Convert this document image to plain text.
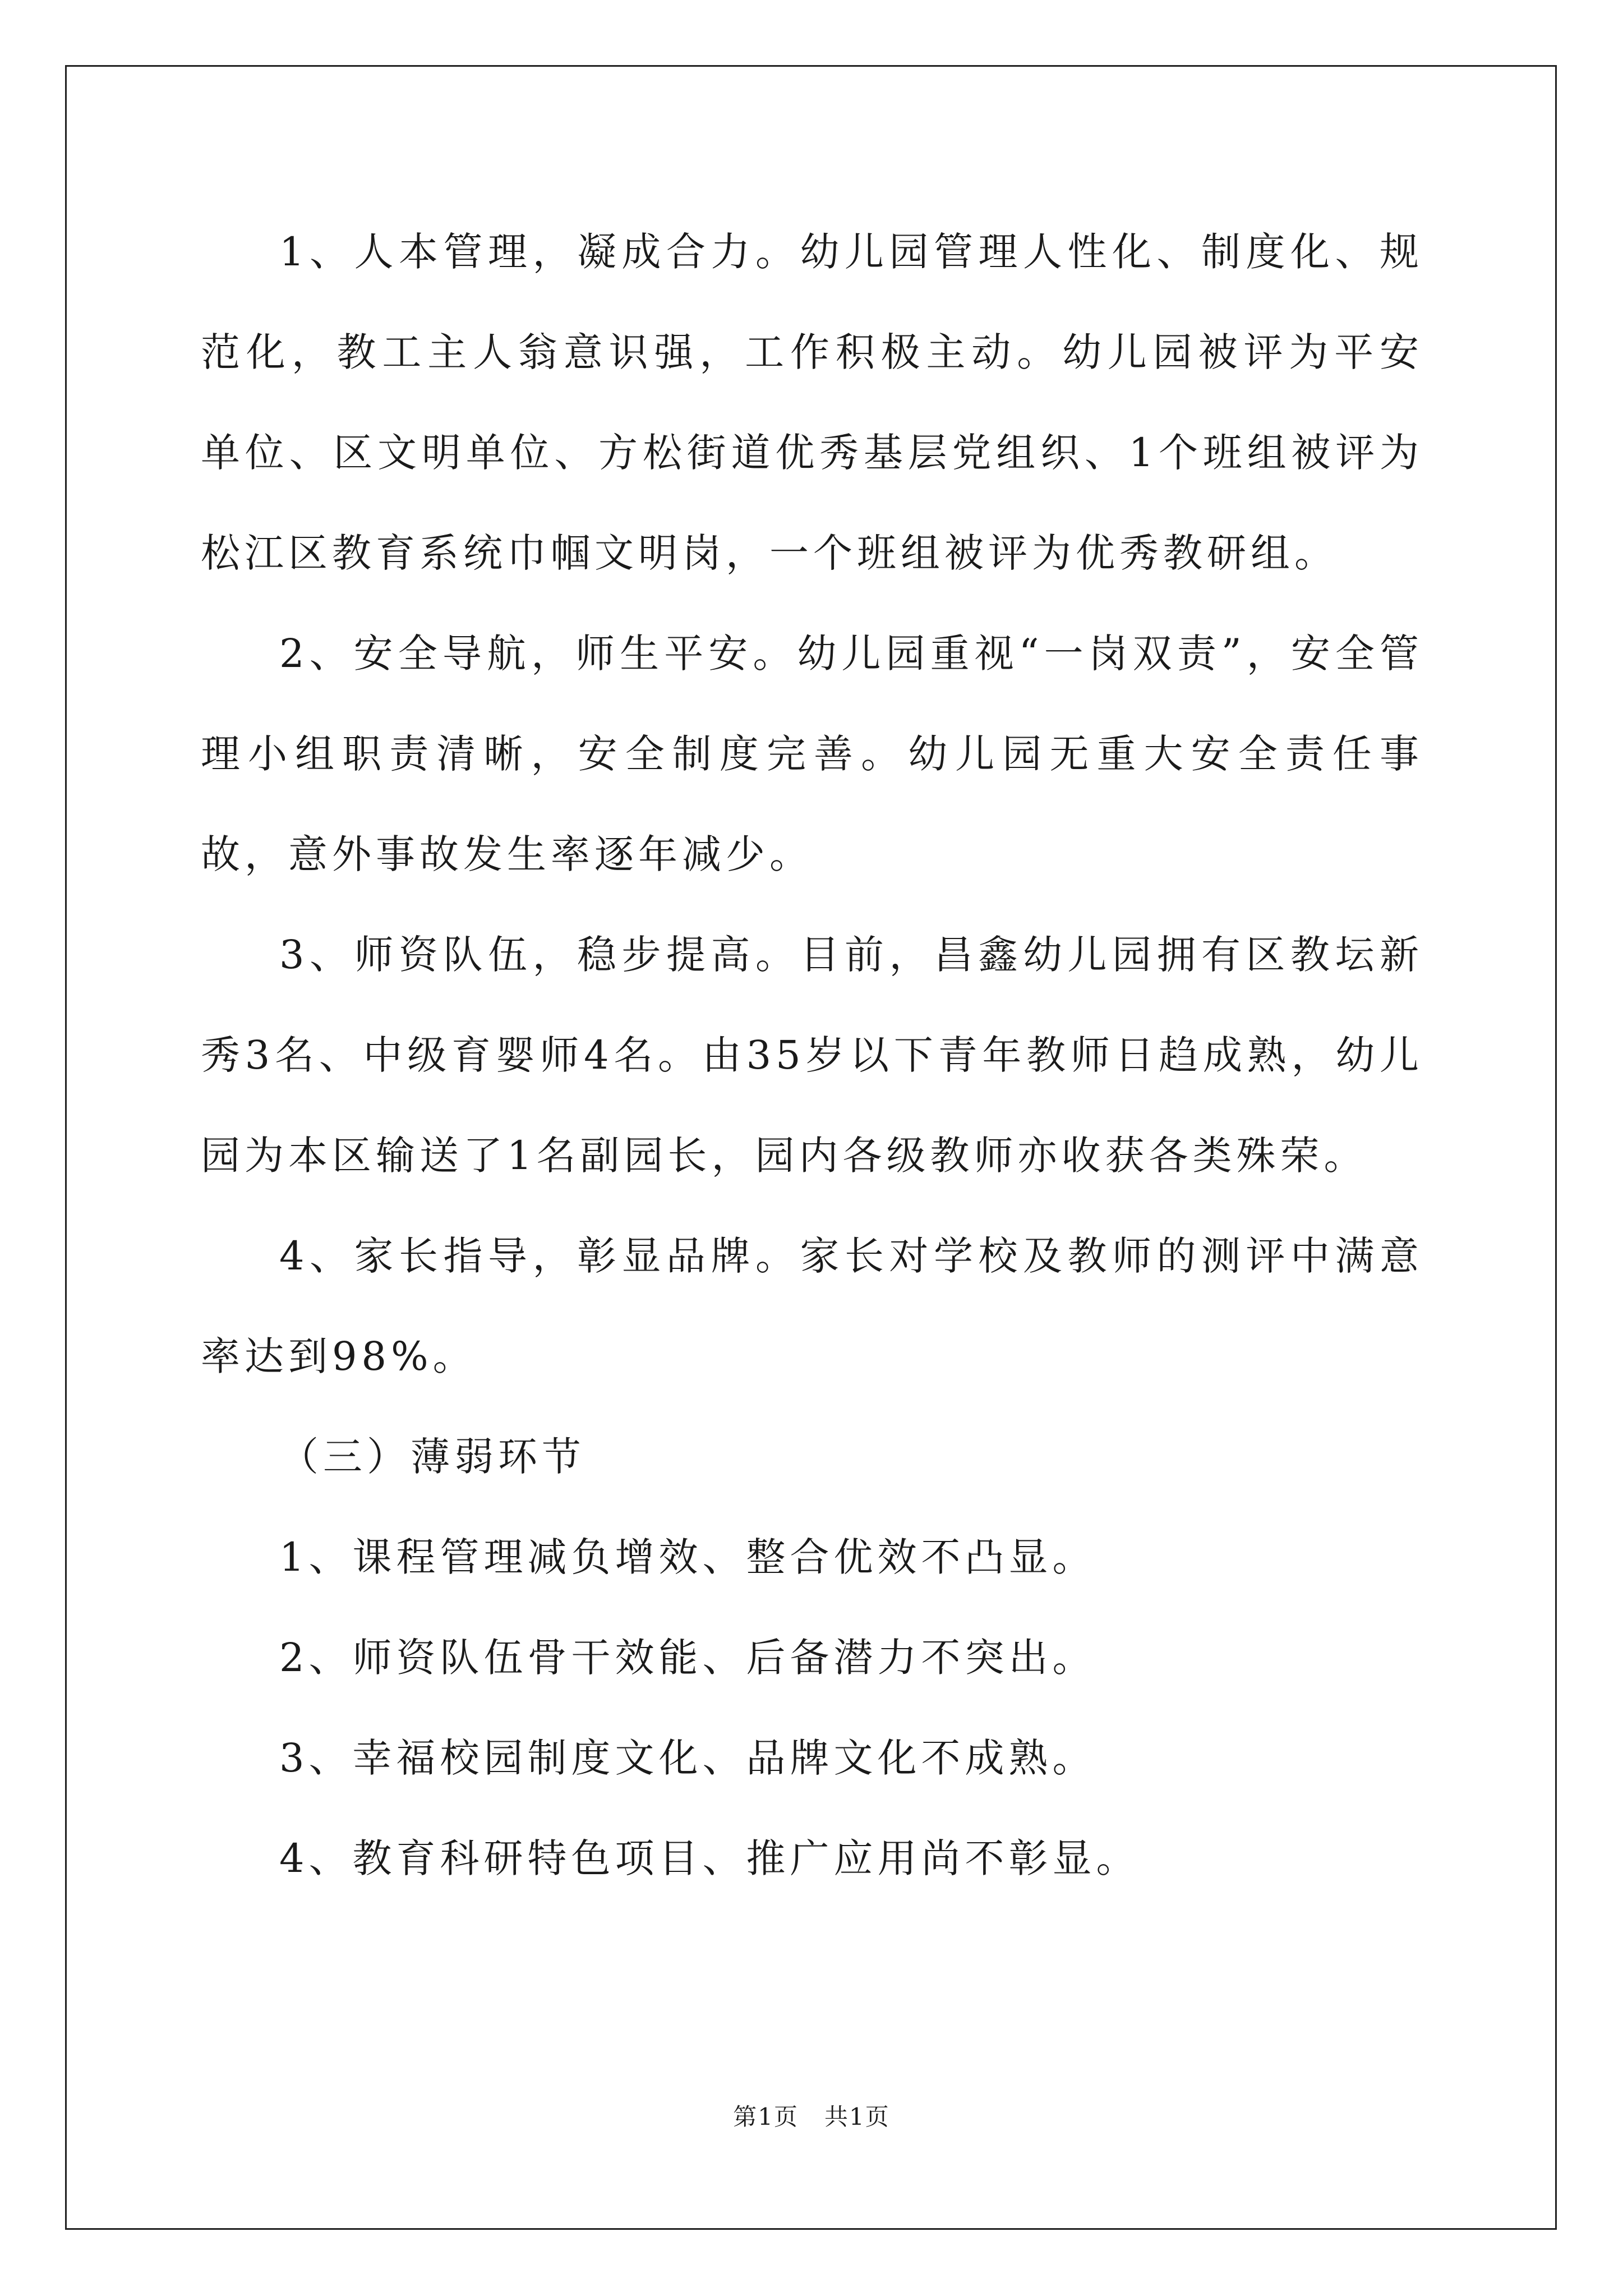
1、人本管理，凝成合力。幼儿园管理人性化、制度化、规范化，教工主人翁意识强，工作积极主动。幼儿园被评为平安单位、区文明单位、方松街道优秀基层党组织、1个班组被评为松江区教育系统巾帼文明岗，一个班组被评为优秀教研组。

2、安全导航，师生平安。幼儿园重视“一岗双责”，安全管理小组职责清晰，安全制度完善。幼儿园无重大安全责任事故，意外事故发生率逐年减少。

3、师资队伍，稳步提高。目前，昌鑫幼儿园拥有区教坛新秀3名、中级育婴师4名。由35岁以下青年教师日趋成熟，幼儿园为本区输送了1名副园长，园内各级教师亦收获各类殊荣。

4、家长指导，彰显品牌。家长对学校及教师的测评中满意率达到98%。

（三）薄弱环节

1、课程管理减负增效、整合优效不凸显。

2、师资队伍骨干效能、后备潜力不突出。

3、幸福校园制度文化、品牌文化不成熟。

4、教育科研特色项目、推广应用尚不彰显。

第1页 共1页
